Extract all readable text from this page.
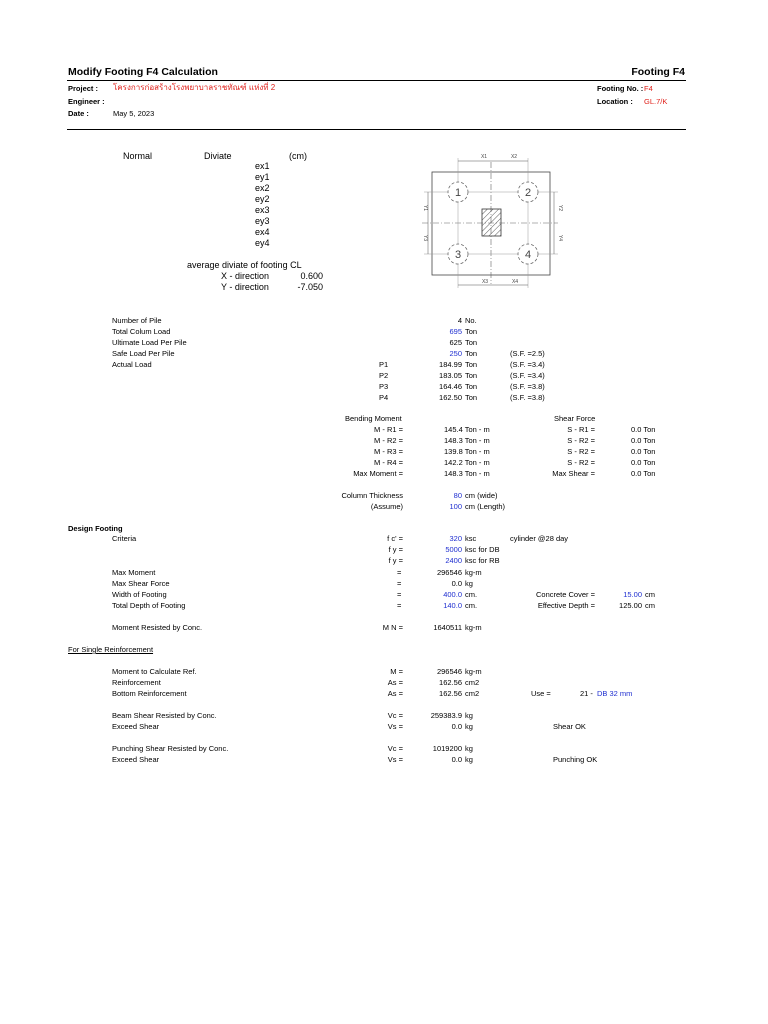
Modify Footing F4 Calculation	Footing F4
Project : โครงการก่อสร้างโรงพยาบาลราชทัณฑ์ แห่งที่ 2
Engineer :
Date :	May 5, 2023
Footing No. : F4
Location : GL.7/K
Normal	Diviate	(cm)
ex1
ey1
ex2
ey2
ex3
ey3
ex4
ey4
average diviate of footing CL
X - direction	0.600
Y - direction	-7.050
1	2
3	4
X1	X2
X3	X4
Y1
Y3
Y2
Y4
Number of Pile	4 No.
Total Colum Load	695 Ton
Ultimate Load Per Pile	625 Ton
Safe Load Per Pile	250 Ton	(S.F. =2.5)
Actual Load	P1	184.99 Ton	(S.F. =3.4)
P2	183.05 Ton	(S.F. =3.4)
P3	164.46 Ton	(S.F. =3.8)
P4	162.50 Ton	(S.F. =3.8)
Bending Moment	Shear Force
M - R1 =	145.4 Ton - m	S - R1 =	0.0 Ton
M - R2 =	148.3 Ton - m	S - R2 =	0.0 Ton
M - R3 =	139.8 Ton - m	S - R2 =	0.0 Ton
M - R4 =	142.2 Ton - m	S - R2 =	0.0 Ton
Max Moment =	148.3 Ton - m	Max Shear =	0.0 Ton
Column Thickness	80 cm (wide)
(Assume)	100 cm (Length)
Design Footing
Criteria	f c' =	320 ksc	cylinder @28 day
f y =	5000 ksc for DB
f y =	2400 ksc for RB
Max Moment	=	296546 kg-m
Max Shear Force	=	0.0 kg
Width of Footing	=	400.0 cm.	Concrete Cover =	15.00 cm
Total Depth of Footing	=	140.0 cm.	Effective Depth =	125.00 cm
Moment Resisted by Conc.	M N =	1640511 kg-m
For Single Reinforcement
Moment to Calculate Ref.	M =	296546 kg-m
Reinforcement	As =	162.56 cm2
Bottom Reinforcement	As =	162.56 cm2	Use =	21 - DB 32 mm
Beam Shear Resisted by Conc.	Vc =	259383.9 kg
Exceed Shear	Vs =	0.0 kg	Shear OK
Punching Shear Resisted by Conc.	Vc =	1019200 kg
Exceed Shear	Vs =	0.0 kg	Punching OK
